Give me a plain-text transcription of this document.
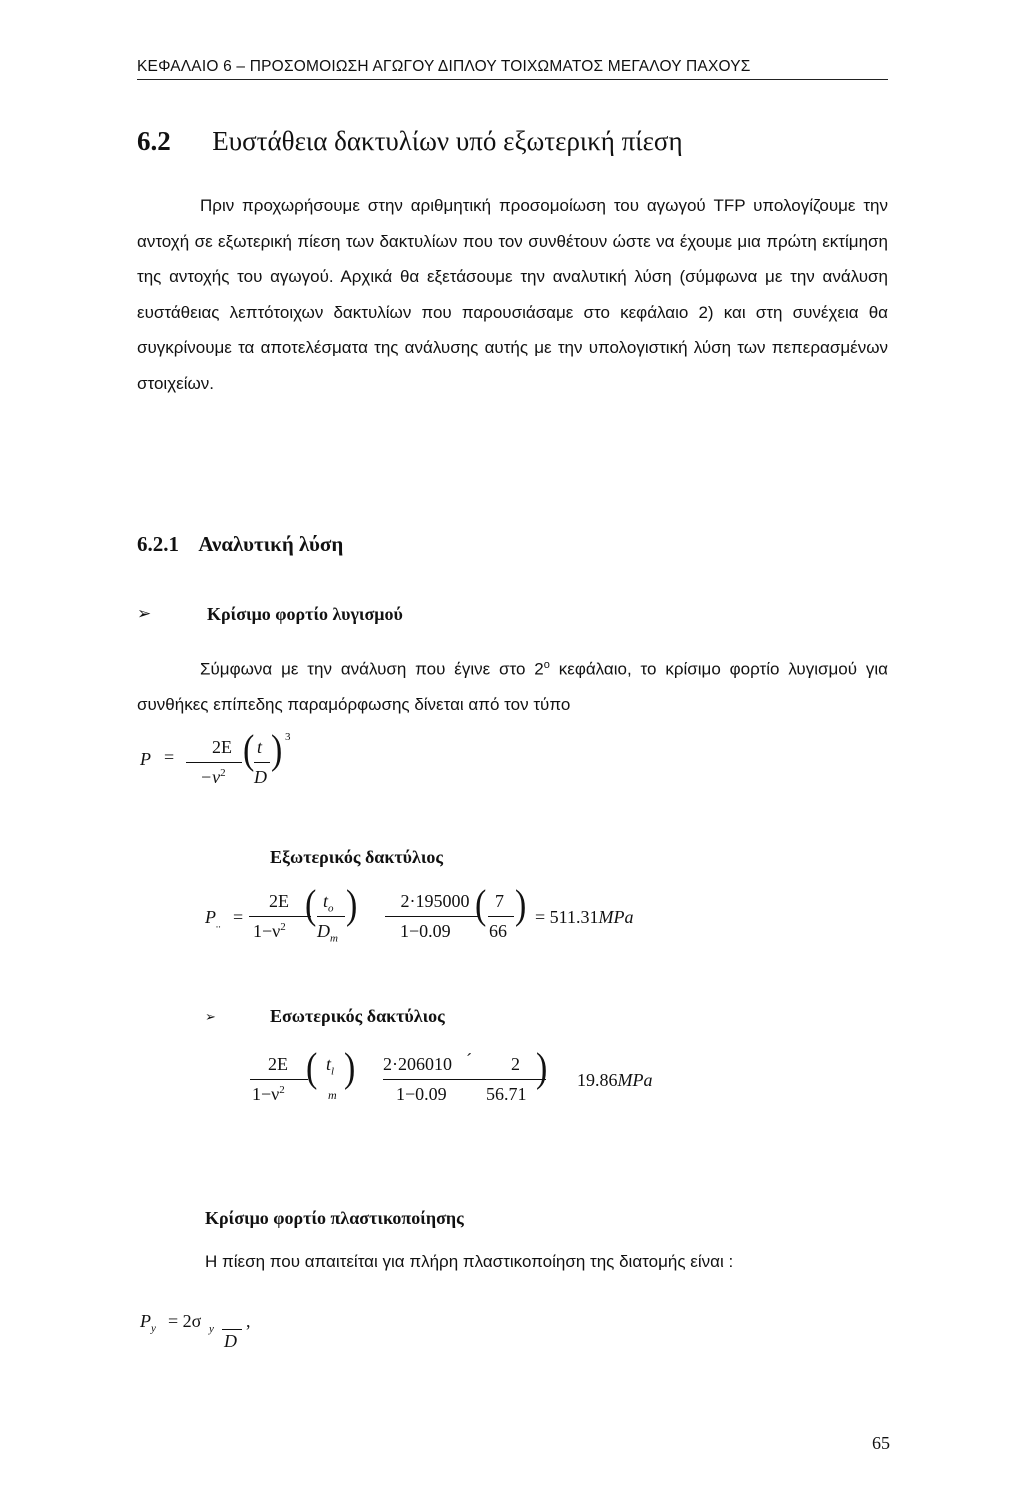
ΚΕΦΑΛΑΙΟ 6 – ΠΡΟΣΟΜΟΙΩΣΗ ΑΓΩΓΟΥ ΔΙΠΛΟΥ ΤΟΙΧΩΜΑΤΟΣ ΜΕΓΑΛΟΥ ΠΑΧΟΥΣ
6.2 Ευστάθεια δακτυλίων υπό εξωτερική πίεση

Πριν προχωρήσουμε στην αριθμητική προσομοίωση του αγωγού TFP υπολογίζουμε την αντοχή σε εξωτερική πίεση των δακτυλίων που τον συνθέτουν ώστε να έχουμε μια πρώτη εκτίμηση της αντοχής του αγωγού. Αρχικά θα εξετάσουμε την αναλυτική λύση (σύμφωνα με την ανάλυση ευστάθειας λεπτότοιχων δακτυλίων που παρουσιάσαμε στο κεφάλαιο 2) και στη συνέχεια θα συγκρίνουμε τα αποτελέσματα της ανάλυσης αυτής με την υπολογιστική λύση των πεπερασμένων στοιχείων.

6.2.1 Αναλυτική λύση
➢	Κρίσιμο φορτίο λυγισμού

Σύμφωνα με την ανάλυση που έγινε στο $2^o$ κεφάλαιο, το κρίσιμο φορτίο λυγισμού για συνθήκες επίπεδης παραμόρφωσης δίνεται από τον τύπο

P =	2E
$-\nu^2$
( t
D
) 3
Εξωτερικός δακτύλιος
$P_{..}$ =
2E
$1-\nu^2$ ( $t_o$
$D_m$
)	2·195000
1−0.09
( 7
66
) = 511.31MPa
➢	Εσωτερικός δακτύλιος
2E
$1-\nu^2$ ( $t_l$
m
) 2·206010 ´
1−0.09
2
56.71
) 19.86MPa
Κρίσιμο φορτίο πλαστικοποίησης
Η πίεση που απαιτείται για πλήρη πλαστικοποίηση της διατομής είναι :
$P_y = 2\sigma$ y
D
,
65
